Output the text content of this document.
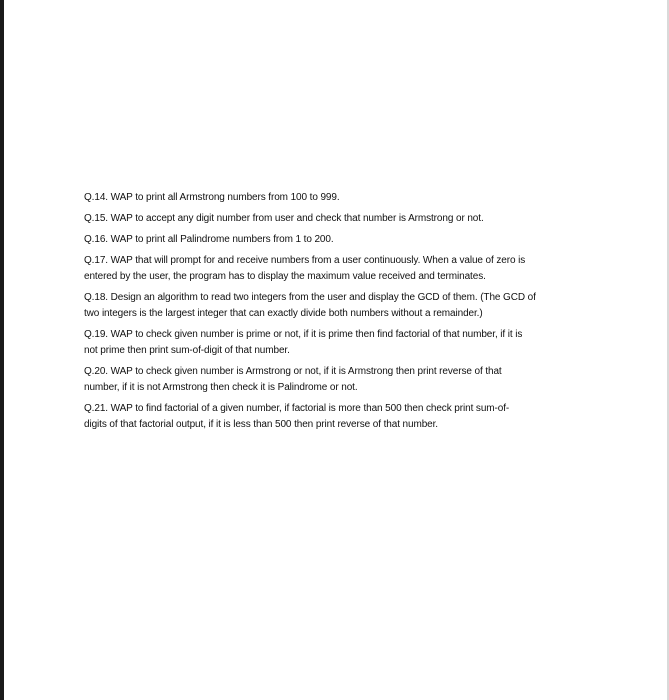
Q.14. WAP to print all Armstrong numbers from 100 to 999.

Q.15. WAP to accept any digit number from user and check that number is Armstrong or not.

Q.16. WAP to print all Palindrome numbers from 1 to 200.

Q.17. WAP that will prompt for and receive numbers from a user continuously. When a value of zero is
entered by the user, the program has to display the maximum value received and terminates.

Q.18. Design an algorithm to read two integers from the user and display the GCD of them. (The GCD of
two integers is the largest integer that can exactly divide both numbers without a remainder.)

Q.19. WAP to check given number is prime or not, if it is prime then find factorial of that number, if it is
not prime then print sum-of-digit of that number.

Q.20. WAP to check given number is Armstrong or not, if it is Armstrong then print reverse of that
number, if it is not Armstrong then check it is Palindrome or not.

Q.21. WAP to find factorial of a given number, if factorial is more than 500 then check print sum-of-
digits of that factorial output, if it is less than 500 then print reverse of that number.
